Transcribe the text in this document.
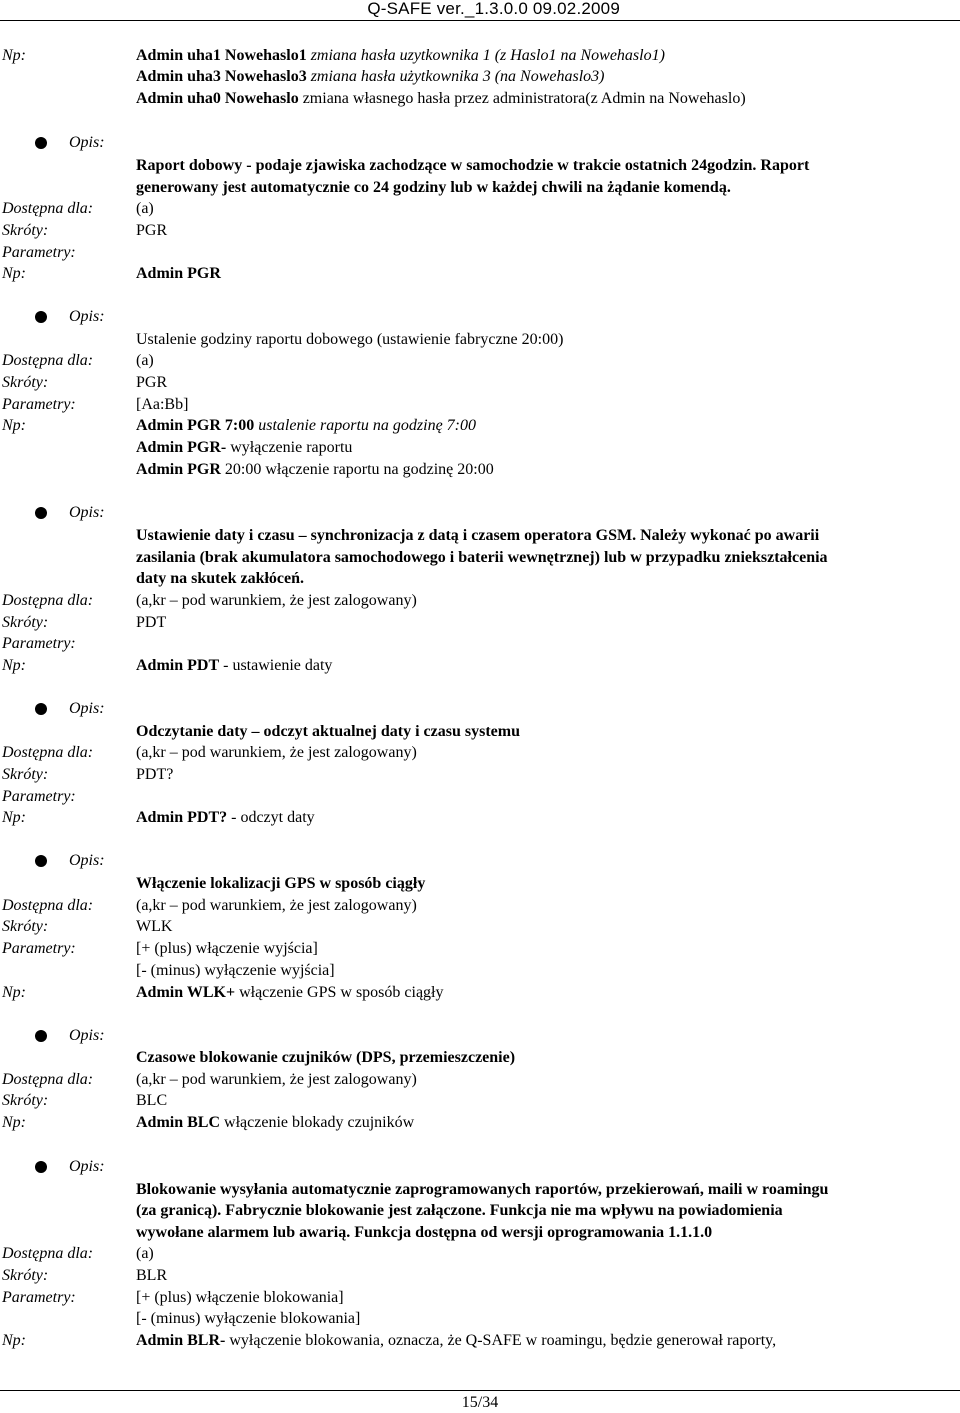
Q-SAFE ver._1.3.0.0 09.02.2009
Np:	Admin uha1 Nowehaslo1 zmiana hasła uzytkownika 1 (z Haslo1 na Nowehaslo1)
Admin uha3 Nowehaslo3 zmiana hasła użytkownika 3 (na Nowehaslo3)
Admin uha0 Nowehaslo zmiana własnego hasła przez administratora(z Admin na Nowehaslo)
Opis:
Raport dobowy - podaje zjawiska zachodzące w samochodzie w trakcie ostatnich 24godzin. Raport
generowany jest automatycznie co 24 godziny lub w każdej chwili na żądanie komendą.
Dostępna dla:	(a)
Skróty:	PGR
Parametry:
Np:	Admin PGR
Opis:
Ustalenie godziny raportu dobowego (ustawienie fabryczne 20:00)
Dostępna dla:	(a)
Skróty:	PGR
Parametry:	[Aa:Bb]
Np:	Admin PGR 7:00 ustalenie raportu na godzinę 7:00
Admin PGR- wyłączenie raportu
Admin PGR 20:00 włączenie raportu na godzinę 20:00
Opis:
Ustawienie daty i czasu – synchronizacja z datą i czasem operatora GSM. Należy wykonać po awarii
zasilania (brak akumulatora samochodowego i baterii wewnętrznej) lub w przypadku zniekształcenia
daty na skutek zakłóceń.
Dostępna dla:	(a,kr – pod warunkiem, że jest zalogowany)
Skróty:	PDT
Parametry:
Np:	Admin PDT - ustawienie daty
Opis:
Odczytanie daty – odczyt aktualnej daty i czasu systemu
Dostępna dla:	(a,kr – pod warunkiem, że jest zalogowany)
Skróty:	PDT?
Parametry:
Np:	Admin PDT? - odczyt daty
Opis:
Włączenie lokalizacji GPS w sposób ciągły
Dostępna dla:	(a,kr – pod warunkiem, że jest zalogowany)
Skróty:	WLK
Parametry:	[+ (plus) włączenie wyjścia]
[- (minus) wyłączenie wyjścia]
Np:	Admin WLK+ włączenie GPS w sposób ciągły
Opis:
Czasowe blokowanie czujników (DPS, przemieszczenie)
Dostępna dla:	(a,kr – pod warunkiem, że jest zalogowany)
Skróty:	BLC
Np:	Admin BLC włączenie blokady czujników
Opis:
Blokowanie wysyłania automatycznie zaprogramowanych raportów, przekierowań, maili w roamingu
(za granicą). Fabrycznie blokowanie jest załączone. Funkcja nie ma wpływu na powiadomienia
wywołane alarmem lub awarią. Funkcja dostępna od wersji oprogramowania 1.1.1.0
Dostępna dla:	(a)
Skróty:	BLR
Parametry:	[+ (plus) włączenie blokowania]
[- (minus) wyłączenie blokowania]
Np:	Admin BLR- wyłączenie blokowania, oznacza, że Q-SAFE w roamingu, będzie generował raporty,
15/34
